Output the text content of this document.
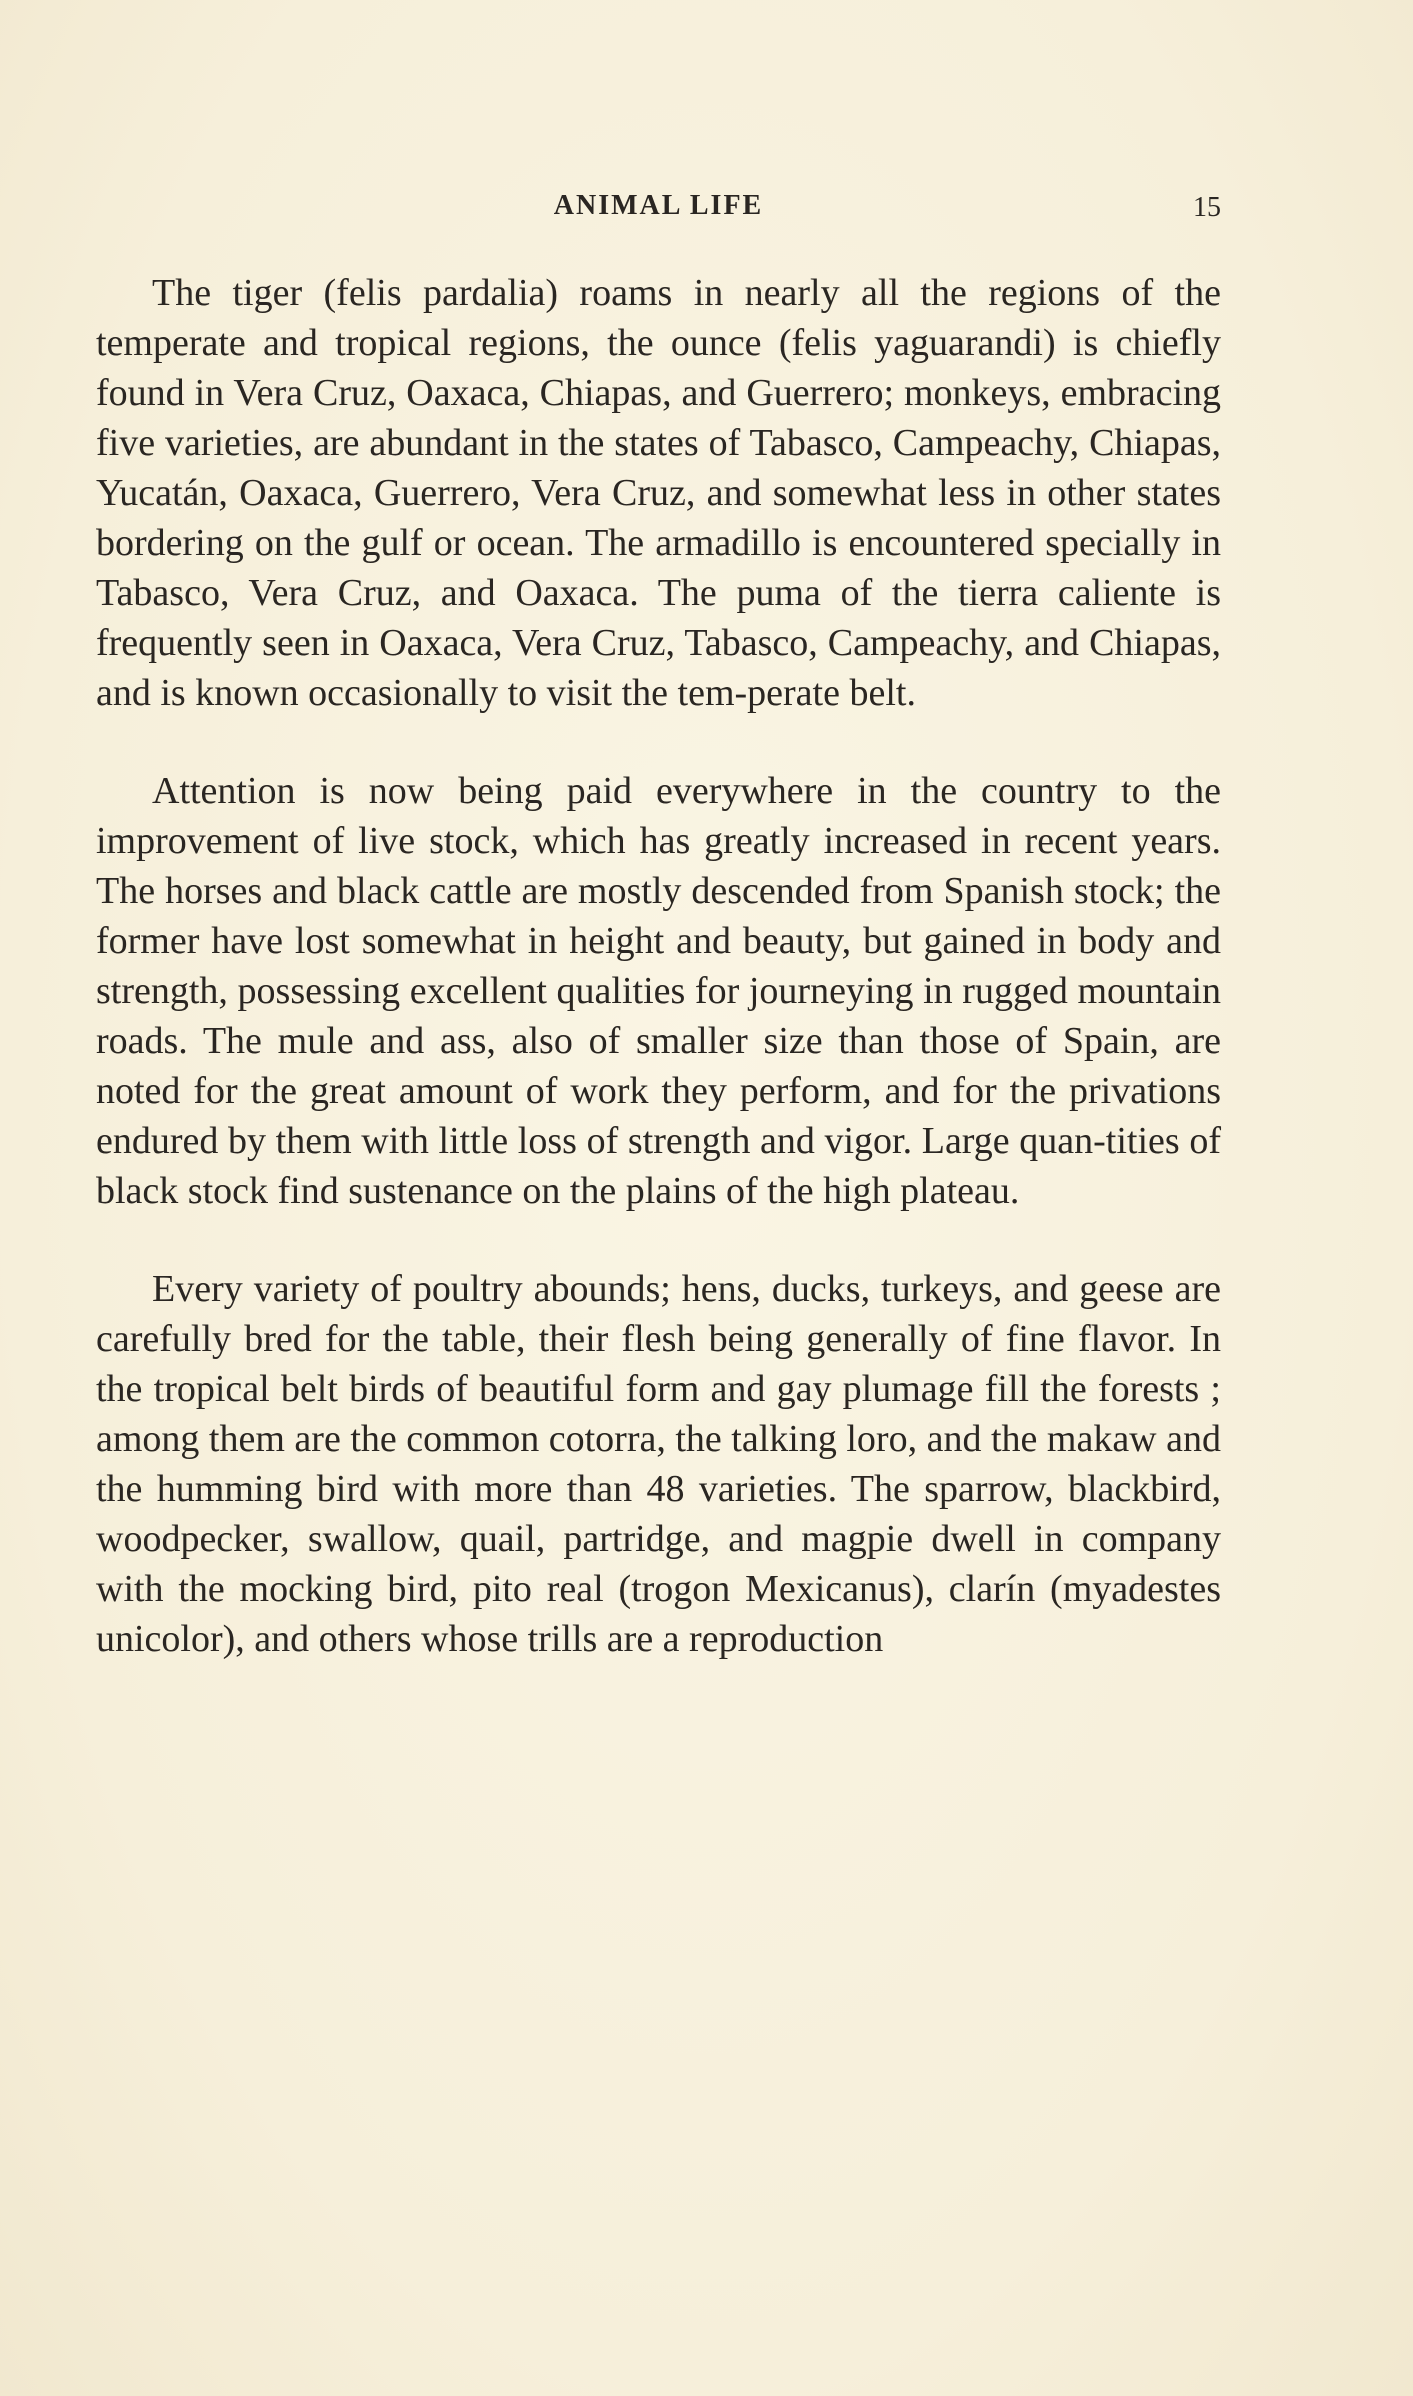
ANIMAL LIFE	15

The tiger (felis pardalia) roams in nearly all the regions of the temperate and tropical regions, the ounce (felis yaguarandi) is chiefly found in Vera Cruz, Oaxaca, Chiapas, and Guerrero; monkeys, embracing five varieties, are abundant in the states of Tabasco, Campeachy, Chiapas, Yucatán, Oaxaca, Guerrero, Vera Cruz, and somewhat less in other states bordering on the gulf or ocean. The armadillo is encountered specially in Tabasco, Vera Cruz, and Oaxaca. The puma of the tierra caliente is frequently seen in Oaxaca, Vera Cruz, Tabasco, Campeachy, and Chiapas, and is known occasionally to visit the tem-perate belt.

Attention is now being paid everywhere in the country to the improvement of live stock, which has greatly increased in recent years. The horses and black cattle are mostly descended from Spanish stock; the former have lost somewhat in height and beauty, but gained in body and strength, possessing excellent qualities for journeying in rugged mountain roads. The mule and ass, also of smaller size than those of Spain, are noted for the great amount of work they perform, and for the privations endured by them with little loss of strength and vigor. Large quan-tities of black stock find sustenance on the plains of the high plateau.

Every variety of poultry abounds; hens, ducks, turkeys, and geese are carefully bred for the table, their flesh being generally of fine flavor. In the tropical belt birds of beautiful form and gay plumage fill the forests ; among them are the common cotorra, the talking loro, and the makaw and the humming bird with more than 48 varieties. The sparrow, blackbird, woodpecker, swallow, quail, partridge, and magpie dwell in company with the mocking bird, pito real (trogon Mexicanus), clarín (myadestes unicolor), and others whose trills are a reproduction
